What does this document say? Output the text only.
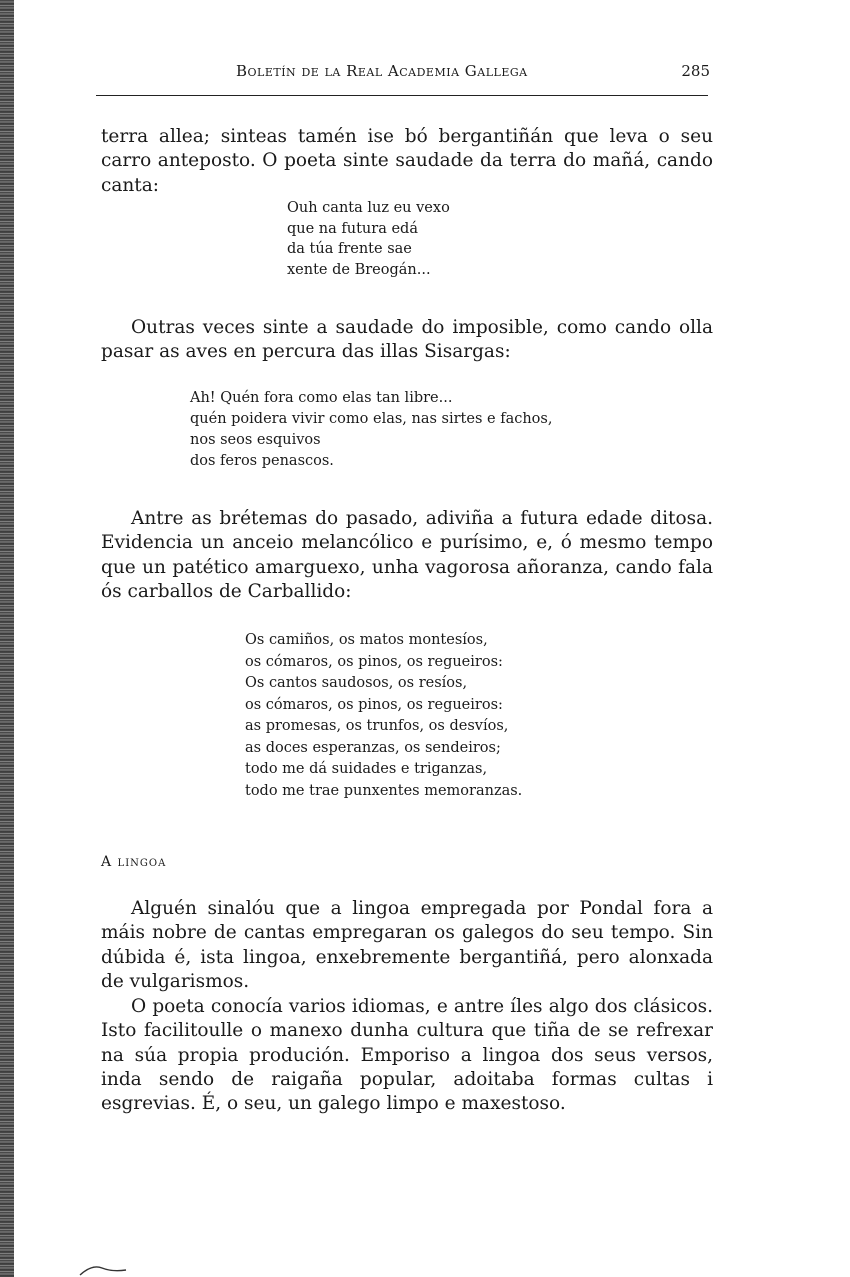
Boletín de la Real Academia Gallega	285

terra allea; sinteas tamén ise bó bergantiñán que leva o seu carro anteposto. O poeta sinte saudade da terra do mañá, cando canta:

Ouh canta luz eu vexo
que na futura edá
da túa frente sae
xente de Breogán...

Outras veces sinte a saudade do imposible, como cando olla pasar as aves en percura das illas Sisargas:

Ah! Quén fora como elas tan libre...
quén poidera vivir como elas, nas sirtes e fachos,
nos seos esquivos
dos feros penascos.

Antre as brétemas do pasado, adiviña a futura edade ditosa. Evidencia un anceio melancólico e purísimo, e, ó mesmo tempo que un patético amarguexo, unha vagorosa añoranza, cando fala ós carballos de Carballido:

Os camiños, os matos montesíos,
os cómaros, os pinos, os regueiros:
Os cantos saudosos, os resíos,
os cómaros, os pinos, os regueiros:
as promesas, os trunfos, os desvíos,
as doces esperanzas, os sendeiros;
todo me dá suidades e triganzas,
todo me trae punxentes memoranzas.
A lingoa

Alguén sinalóu que a lingoa empregada por Pondal fora a máis nobre de cantas empregaran os galegos do seu tempo. Sin dúbida é, ista lingoa, enxebremente bergantiñá, pero alonxada de vulgarismos.

O poeta conocía varios idiomas, e antre íles algo dos clásicos. Isto facilitoulle o manexo dunha cultura que tiña de se refrexar na súa propia produción. Emporiso a lingoa dos seus versos, inda sendo de raigaña popular, adoitaba formas cultas i esgrevias. É, o seu, un galego limpo e maxestoso.
